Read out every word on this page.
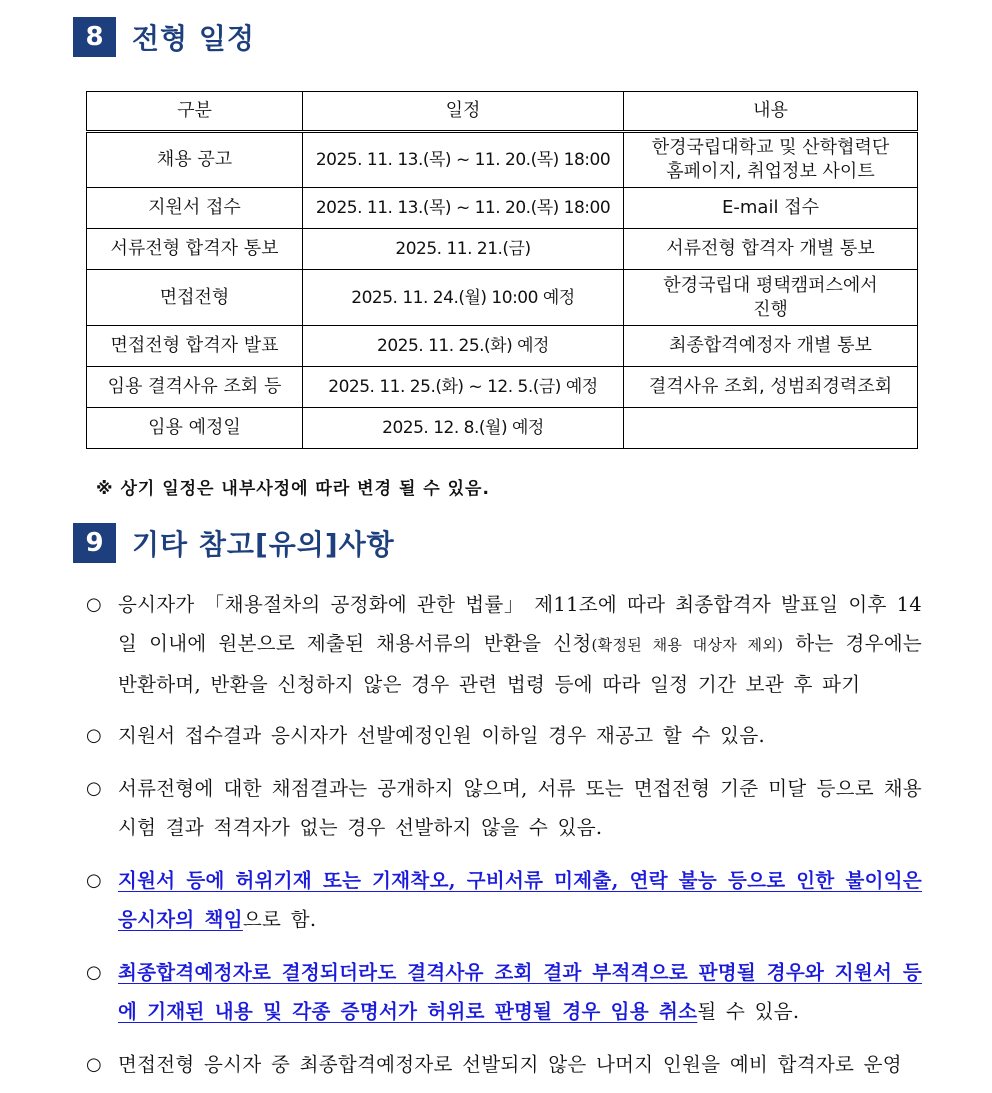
8	전형 일정
구분	일정	내용
채용 공고	2025. 11. 13.(목) ~ 11. 20.(목) 18:00	한경국립대학교 및 산학협력단
홈페이지, 취업정보 사이트

지원서 접수	2025. 11. 13.(목) ~ 11. 20.(목) 18:00	E-mail 접수
서류전형 합격자 통보	2025. 11. 21.(금)	서류전형 합격자 개별 통보
면접전형	2025. 11. 24.(월) 10:00 예정	한경국립대 평택캠퍼스에서
진행

면접전형 합격자 발표	2025. 11. 25.(화) 예정	최종합격예정자 개별 통보
임용 결격사유 조회 등	2025. 11. 25.(화) ~ 12. 5.(금) 예정	결격사유 조회, 성범죄경력조회
임용 예정일	2025. 12. 8.(월) 예정	
※ 상기 일정은 내부사정에 따라 변경 될 수 있음.
9	기타 참고[유의]사항
○ 응시자가 「채용절차의 공정화에 관한 법률」 제11조에 따라 최종합격자 발표일 이후 14일 이내에 원본으로 제출된 채용서류의 반환을 신청(확정된 채용 대상자 제외) 하는 경우에는 반환하며, 반환을 신청하지 않은 경우 관련 법령 등에 따라 일정 기간 보관 후 파기
○ 지원서 접수결과 응시자가 선발예정인원 이하일 경우 재공고 할 수 있음.
○ 서류전형에 대한 채점결과는 공개하지 않으며, 서류 또는 면접전형 기준 미달 등으로 채용시험 결과 적격자가 없는 경우 선발하지 않을 수 있음.
○ 지원서 등에 허위기재 또는 기재착오, 구비서류 미제출, 연락 불능 등으로 인한 불이익은 응시자의 책임으로 함.
○ 최종합격예정자로 결정되더라도 결격사유 조회 결과 부적격으로 판명될 경우와 지원서 등에 기재된 내용 및 각종 증명서가 허위로 판명될 경우 임용 취소될 수 있음.
○ 면접전형 응시자 중 최종합격예정자로 선발되지 않은 나머지 인원을 예비 합격자로 운영
